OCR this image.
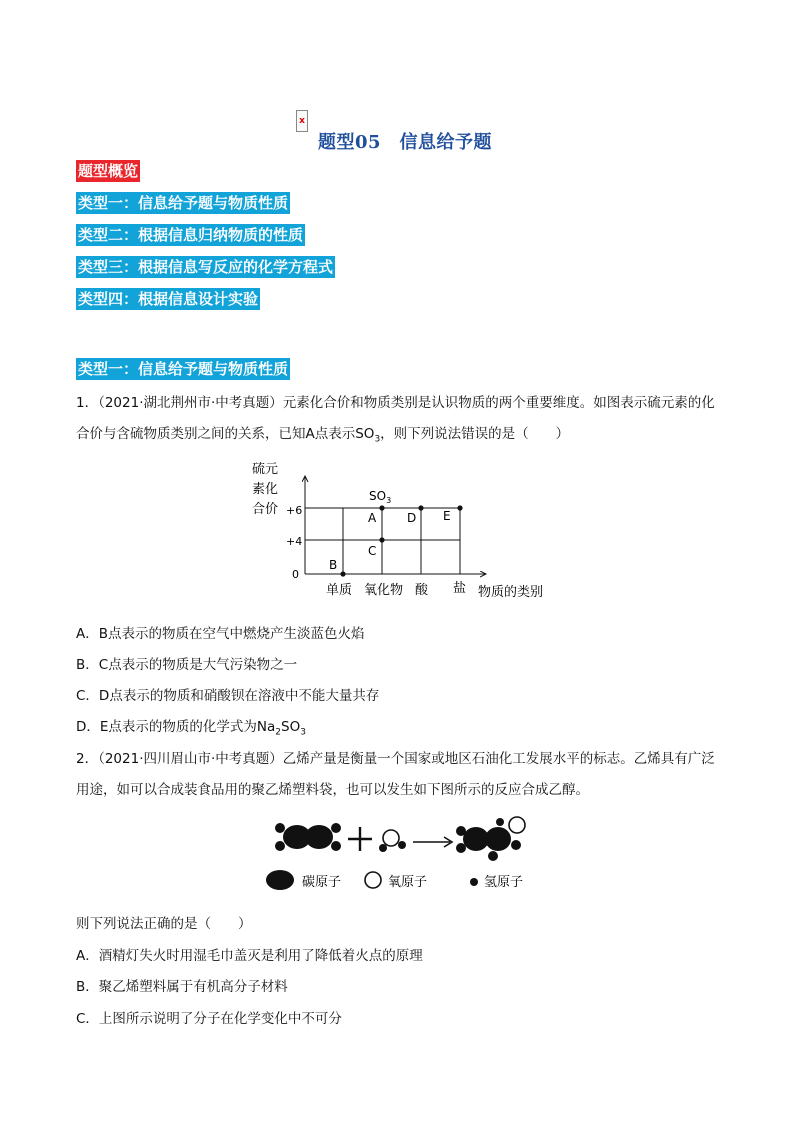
x
题型05　信息给予题
题型概览
类型一：信息给予题与物质性质
类型二：根据信息归纳物质的性质
类型三：根据信息写反应的化学方程式
类型四：根据信息设计实验
类型一：信息给予题与物质性质
1．（2021·湖北荆州市·中考真题）元素化合价和物质类别是认识物质的两个重要维度。如图表示硫元素的化
合价与含硫物质类别之间的关系，已知A点表示$SO_3$，则下列说法错误的是（　　）
硫元
素化
合价 +6
+4
0
$SO_3$
A
B
C
D E
单质 氧化物 酸 盐 物质的类别
A．B点表示的物质在空气中燃烧产生淡蓝色火焰
B．C点表示的物质是大气污染物之一
C．D点表示的物质和硝酸钡在溶液中不能大量共存
D．E点表示的物质的化学式为$Na_2SO_3$
2．（2021·四川眉山市·中考真题）乙烯产量是衡量一个国家或地区石油化工发展水平的标志。乙烯具有广泛
用途，如可以合成装食品用的聚乙烯塑料袋，也可以发生如下图所示的反应合成乙醇。
碳原子	氧原子	氢原子
则下列说法正确的是（　　）
A．酒精灯失火时用湿毛巾盖灭是利用了降低着火点的原理
B．聚乙烯塑料属于有机高分子材料
C．上图所示说明了分子在化学变化中不可分
